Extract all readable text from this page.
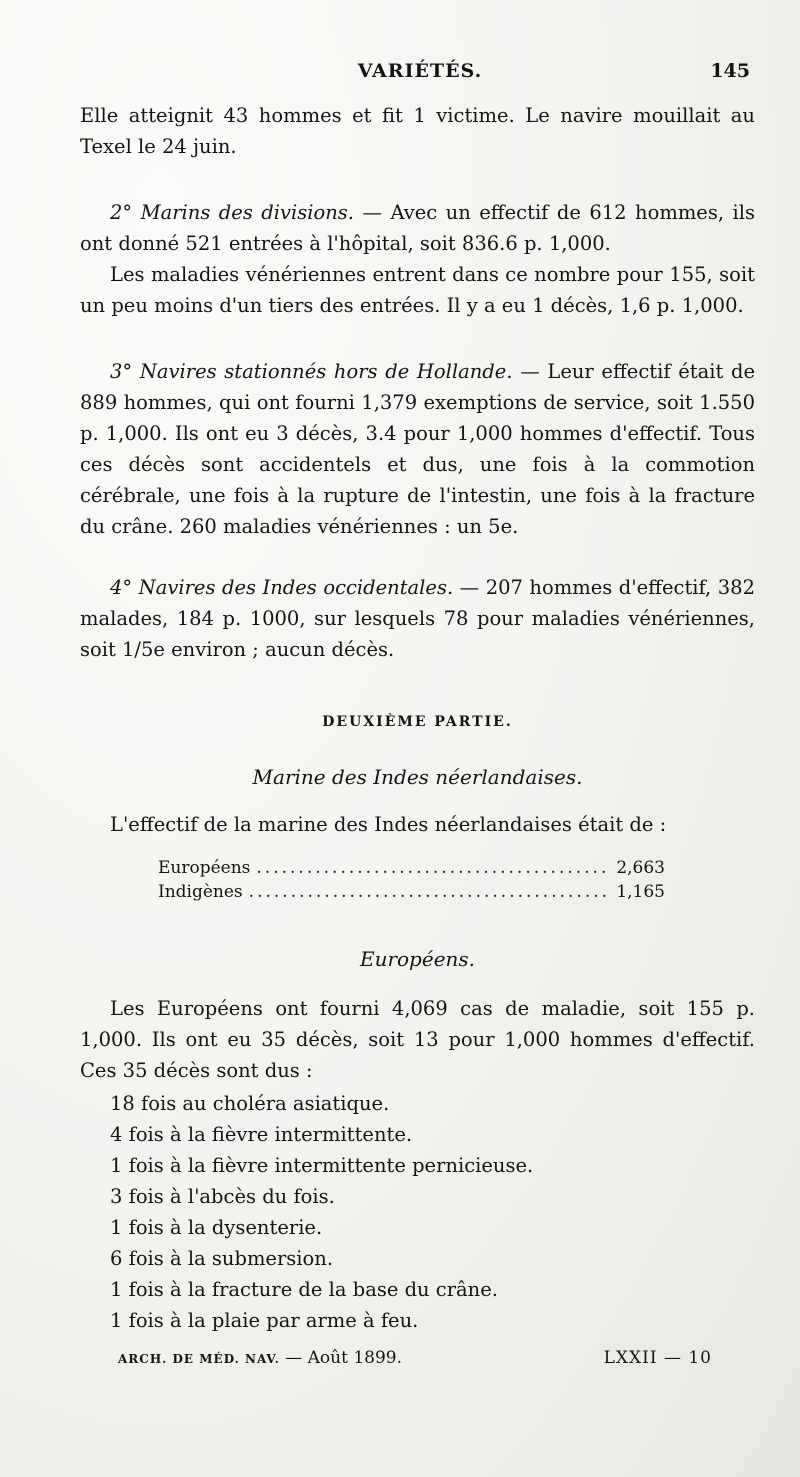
VARIÉTÉS.	145

Elle atteignit 43 hommes et fit 1 victime. Le navire mouillait au Texel le 24 juin.

2° Marins des divisions. — Avec un effectif de 612 hommes, ils ont donné 521 entrées à l'hôpital, soit 836.6 p. 1,000.

Les maladies vénériennes entrent dans ce nombre pour 155, soit un peu moins d'un tiers des entrées. Il y a eu 1 décès, 1,6 p. 1,000.

3° Navires stationnés hors de Hollande. — Leur effectif était de 889 hommes, qui ont fourni 1,379 exemptions de service, soit 1.550 p. 1,000. Ils ont eu 3 décès, 3.4 pour 1,000 hommes d'effectif. Tous ces décès sont accidentels et dus, une fois à la commotion cérébrale, une fois à la rupture de l'intestin, une fois à la fracture du crâne. 260 maladies vénériennes : un 5e.

4° Navires des Indes occidentales. — 207 hommes d'effectif, 382 malades, 184 p. 1000, sur lesquels 78 pour maladies vénériennes, soit 1/5e environ ; aucun décès.

DEUXIÈME PARTIE.
Marine des Indes néerlandaises.

L'effectif de la marine des Indes néerlandaises était de :

Européens .....	2,663
Indigènes .....	1,165
Européens.

Les Européens ont fourni 4,069 cas de maladie, soit 155 p. 1,000. Ils ont eu 35 décès, soit 13 pour 1,000 hommes d'effectif. Ces 35 décès sont dus :

18 fois au choléra asiatique.
4 fois à la fièvre intermittente.
1 fois à la fièvre intermittente pernicieuse.
3 fois à l'abcès du fois.
1 fois à la dysenterie.
6 fois à la submersion.
1 fois à la fracture de la base du crâne.
1 fois à la plaie par arme à feu.
ARCH. DE MÉD. NAV. — Août 1899.	LXXII — 10
